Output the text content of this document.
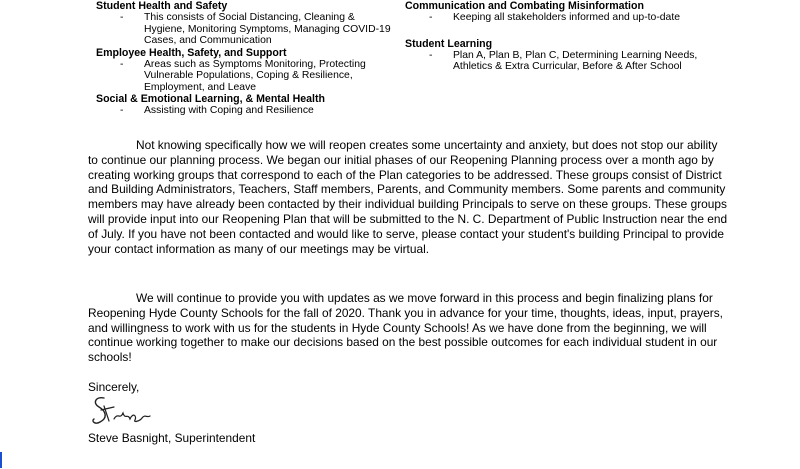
Student Health and Safety
- This consists of Social Distancing, Cleaning & Hygiene, Monitoring Symptoms, Managing COVID-19 Cases, and Communication
Employee Health, Safety, and Support
- Areas such as Symptoms Monitoring, Protecting Vulnerable Populations, Coping & Resilience, Employment, and Leave
Social & Emotional Learning, & Mental Health
- Assisting with Coping and Resilience
Communication and Combating Misinformation
- Keeping all stakeholders informed and up-to-date
Student Learning
- Plan A, Plan B, Plan C, Determining Learning Needs, Athletics & Extra Curricular, Before & After School

Not knowing specifically how we will reopen creates some uncertainty and anxiety, but does not stop our ability to continue our planning process. We began our initial phases of our Reopening Planning process over a month ago by creating working groups that correspond to each of the Plan categories to be addressed. These groups consist of District and Building Administrators, Teachers, Staff members, Parents, and Community members. Some parents and community members may have already been contacted by their individual building Principals to serve on these groups. These groups will provide input into our Reopening Plan that will be submitted to the N. C. Department of Public Instruction near the end of July. If you have not been contacted and would like to serve, please contact your student's building Principal to provide your contact information as many of our meetings may be virtual.

We will continue to provide you with updates as we move forward in this process and begin finalizing plans for Reopening Hyde County Schools for the fall of 2020. Thank you in advance for your time, thoughts, ideas, input, prayers, and willingness to work with us for the students in Hyde County Schools! As we have done from the beginning, we will continue working together to make our decisions based on the best possible outcomes for each individual student in our schools!

Sincerely,
Steve Basnight, Superintendent
